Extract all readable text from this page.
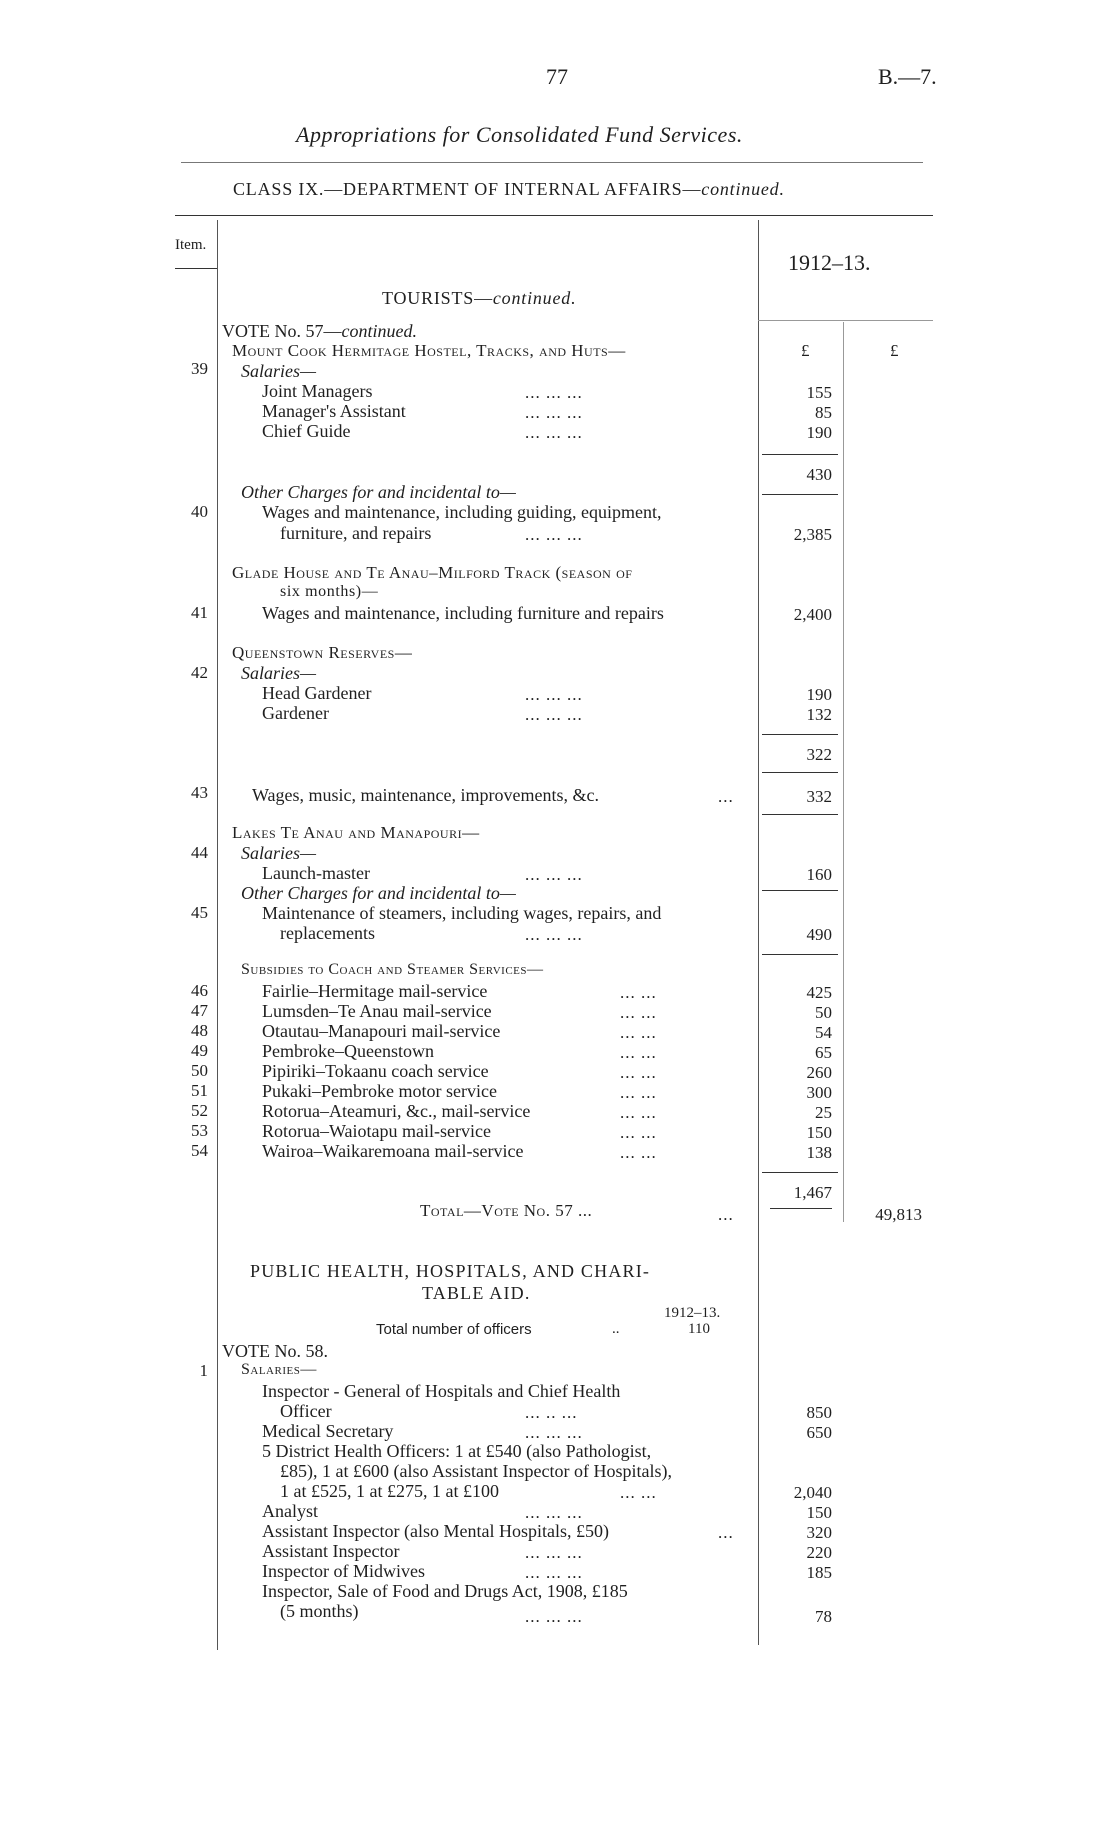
77	B.—7.
Appropriations for Consolidated Fund Services.
CLASS IX.—DEPARTMENT OF INTERNAL AFFAIRS—continued.
Item.
1912–13.
£	£
TOURISTS—continued.
VOTE No. 57—continued.
Mount Cook Hermitage Hostel, Tracks, and Huts—
Salaries—
39
Joint Managers	... ... ...	155
Manager's Assistant	... ... ...	85
Chief Guide	... ... ...	190
430
Other Charges for and incidental to—
40	Wages and maintenance, including guiding, equipment,
furniture, and repairs	... ... ...	2,385
Glade House and Te Anau–Milford Track (season of
six months)—
41	Wages and maintenance, including furniture and repairs	2,400
Queenstown Reserves—
42 Salaries—
Head Gardener	... ... ...	190
Gardener	... ... ...	132
322
43 Wages, music, maintenance, improvements, &c.	...	332
Lakes Te Anau and Manapouri—
44 Salaries—
Launch-master	... ... ...	160
Other Charges for and incidental to—
45	Maintenance of steamers, including wages, repairs, and
replacements	... ... ...	490
Subsidies to Coach and Steamer Services—
46	Fairlie–Hermitage mail-service	... ...	425
47	Lumsden–Te Anau mail-service	... ...	50
48	Otautau–Manapouri mail-service	... ...	54
49	Pembroke–Queenstown	... ...	65
50	Pipiriki–Tokaanu coach service	... ...	260
51	Pukaki–Pembroke motor service	... ...	300
52	Rotorua–Ateamuri, &c., mail-service	... ...	25
53	Rotorua–Waiotapu mail-service	... ...	150
54	Wairoa–Waikaremoana mail-service	... ...	138
1,467
Total—Vote No. 57 ...	...	49,813
PUBLIC HEALTH, HOSPITALS, AND CHARI-
TABLE AID.
1912–13.
Total number of officers	..	110
VOTE No. 58.
1 Salaries—
Inspector - General of Hospitals and Chief Health
Officer	... .. ...	850
Medical Secretary	... ... ...	650
5 District Health Officers: 1 at £540 (also Pathologist,
£85), 1 at £600 (also Assistant Inspector of Hospitals),
1 at £525, 1 at £275, 1 at £100	... ...	2,040
Analyst	... ... ...	150
Assistant Inspector (also Mental Hospitals, £50)	...	320
Assistant Inspector	... ... ...	220
Inspector of Midwives	... ... ...	185
Inspector, Sale of Food and Drugs Act, 1908, £185
(5 months)	... ... ...	78
